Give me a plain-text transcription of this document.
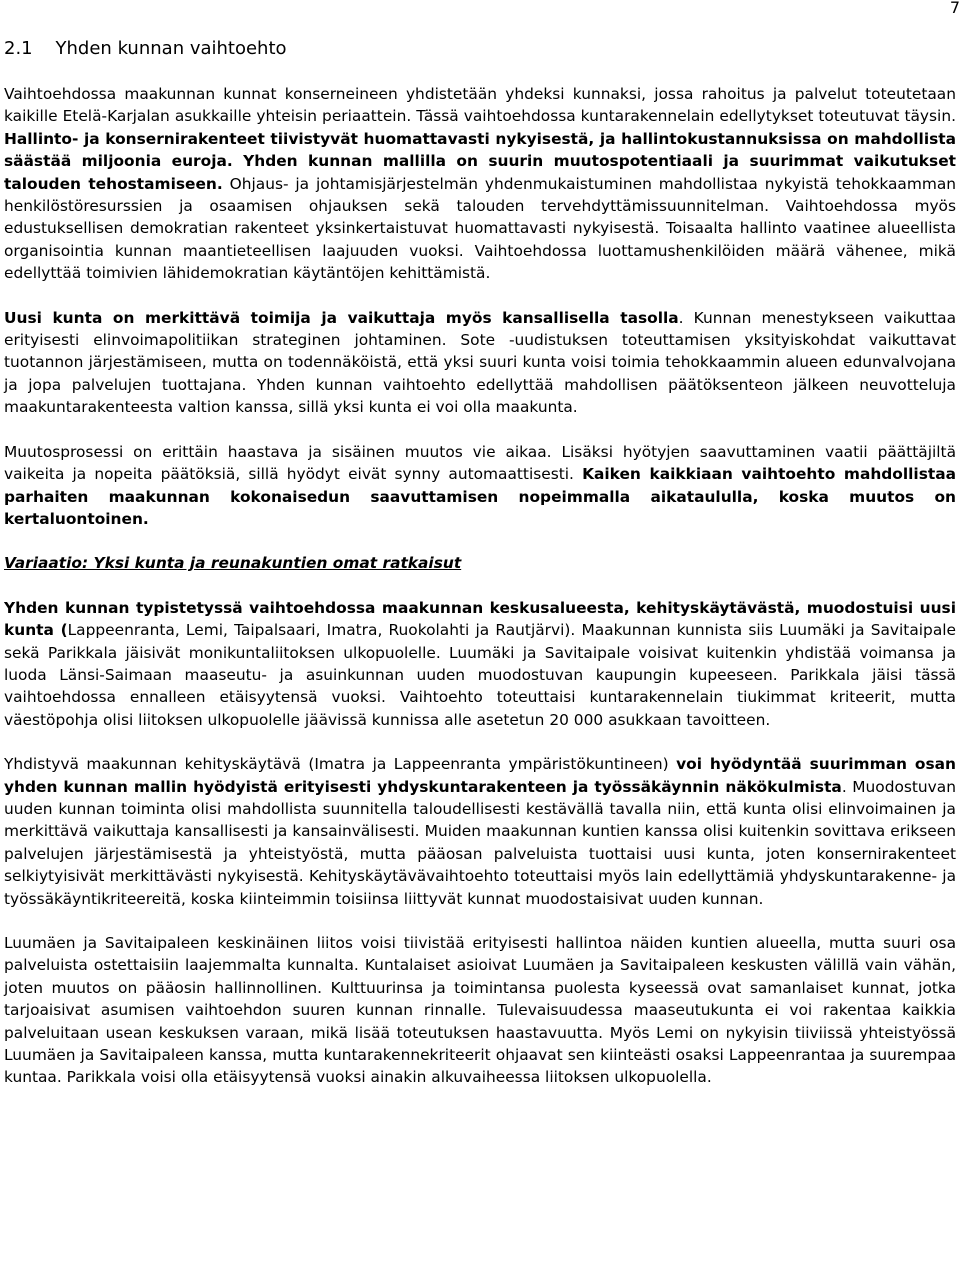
7
2.1 Yhden kunnan vaihtoehto

Vaihtoehdossa maakunnan kunnat konserneineen yhdistetään yhdeksi kunnaksi, jossa rahoitus ja palvelut toteutetaan kaikille Etelä-Karjalan asukkaille yhteisin periaattein. Tässä vaihtoehdossa kuntarakennelain edellytykset toteutuvat täysin. Hallinto- ja konsernirakenteet tiivistyvät huomattavasti nykyisestä, ja hallintokustannuksissa on mahdollista säästää miljoonia euroja. Yhden kunnan mallilla on suurin muutospotentiaali ja suurimmat vaikutukset talouden tehostamiseen. Ohjaus- ja johtamisjärjestelmän yhdenmukaistuminen mahdollistaa nykyistä tehokkaamman henkilöstöresurssien ja osaamisen ohjauksen sekä talouden tervehdyttämissuunnitelman. Vaihtoehdossa myös edustuksellisen demokratian rakenteet yksinkertaistuvat huomattavasti nykyisestä. Toisaalta hallinto vaatinee alueellista organisointia kunnan maantieteellisen laajuuden vuoksi. Vaihtoehdossa luottamushenkilöiden määrä vähenee, mikä edellyttää toimivien lähidemokratian käytäntöjen kehittämistä.

Uusi kunta on merkittävä toimija ja vaikuttaja myös kansallisella tasolla. Kunnan menestykseen vaikuttaa erityisesti elinvoimapolitiikan strateginen johtaminen. Sote -uudistuksen toteuttamisen yksityiskohdat vaikuttavat tuotannon järjestämiseen, mutta on todennäköistä, että yksi suuri kunta voisi toimia tehokkaammin alueen edunvalvojana ja jopa palvelujen tuottajana. Yhden kunnan vaihtoehto edellyttää mahdollisen päätöksenteon jälkeen neuvotteluja maakuntarakenteesta valtion kanssa, sillä yksi kunta ei voi olla maakunta.

Muutosprosessi on erittäin haastava ja sisäinen muutos vie aikaa. Lisäksi hyötyjen saavuttaminen vaatii päättäjiltä vaikeita ja nopeita päätöksiä, sillä hyödyt eivät synny automaattisesti. Kaiken kaikkiaan vaihtoehto mahdollistaa parhaiten maakunnan kokonaisedun saavuttamisen nopeimmalla aikataululla, koska muutos on kertaluontoinen.

Variaatio: Yksi kunta ja reunakuntien omat ratkaisut

Yhden kunnan typistetyssä vaihtoehdossa maakunnan keskusalueesta, kehityskäytävästä, muodostuisi uusi kunta (Lappeenranta, Lemi, Taipalsaari, Imatra, Ruokolahti ja Rautjärvi). Maakunnan kunnista siis Luumäki ja Savitaipale sekä Parikkala jäisivät monikuntaliitoksen ulkopuolelle. Luumäki ja Savitaipale voisivat kuitenkin yhdistää voimansa ja luoda Länsi-Saimaan maaseutu- ja asuinkunnan uuden muodostuvan kaupungin kupeeseen. Parikkala jäisi tässä vaihtoehdossa ennalleen etäisyytensä vuoksi. Vaihtoehto toteuttaisi kuntarakennelain tiukimmat kriteerit, mutta väestöpohja olisi liitoksen ulkopuolelle jäävissä kunnissa alle asetetun 20 000 asukkaan tavoitteen.

Yhdistyvä maakunnan kehityskäytävä (Imatra ja Lappeenranta ympäristökuntineen) voi hyödyntää suurimman osan yhden kunnan mallin hyödyistä erityisesti yhdyskuntarakenteen ja työssäkäynnin näkökulmista. Muodostuvan uuden kunnan toiminta olisi mahdollista suunnitella taloudellisesti kestävällä tavalla niin, että kunta olisi elinvoimainen ja merkittävä vaikuttaja kansallisesti ja kansainvälisesti. Muiden maakunnan kuntien kanssa olisi kuitenkin sovittava erikseen palvelujen järjestämisestä ja yhteistyöstä, mutta pääosan palveluista tuottaisi uusi kunta, joten konsernirakenteet selkiytyisivät merkittävästi nykyisestä. Kehityskäytävävaihtoehto toteuttaisi myös lain edellyttämiä yhdyskuntarakenne- ja työssäkäyntikriteereitä, koska kiinteimmin toisiinsa liittyvät kunnat muodostaisivat uuden kunnan.

Luumäen ja Savitaipaleen keskinäinen liitos voisi tiivistää erityisesti hallintoa näiden kuntien alueella, mutta suuri osa palveluista ostettaisiin laajemmalta kunnalta. Kuntalaiset asioivat Luumäen ja Savitaipaleen keskusten välillä vain vähän, joten muutos on pääosin hallinnollinen. Kulttuurinsa ja toimintansa puolesta kyseessä ovat samanlaiset kunnat, jotka tarjoaisivat asumisen vaihtoehdon suuren kunnan rinnalle. Tulevaisuudessa maaseutukunta ei voi rakentaa kaikkia palveluitaan usean keskuksen varaan, mikä lisää toteutuksen haastavuutta. Myös Lemi on nykyisin tiiviissä yhteistyössä Luumäen ja Savitaipaleen kanssa, mutta kuntarakennekriteerit ohjaavat sen kiinteästi osaksi Lappeenrantaa ja suurempaa kuntaa. Parikkala voisi olla etäisyytensä vuoksi ainakin alkuvaiheessa liitoksen ulkopuolella.
